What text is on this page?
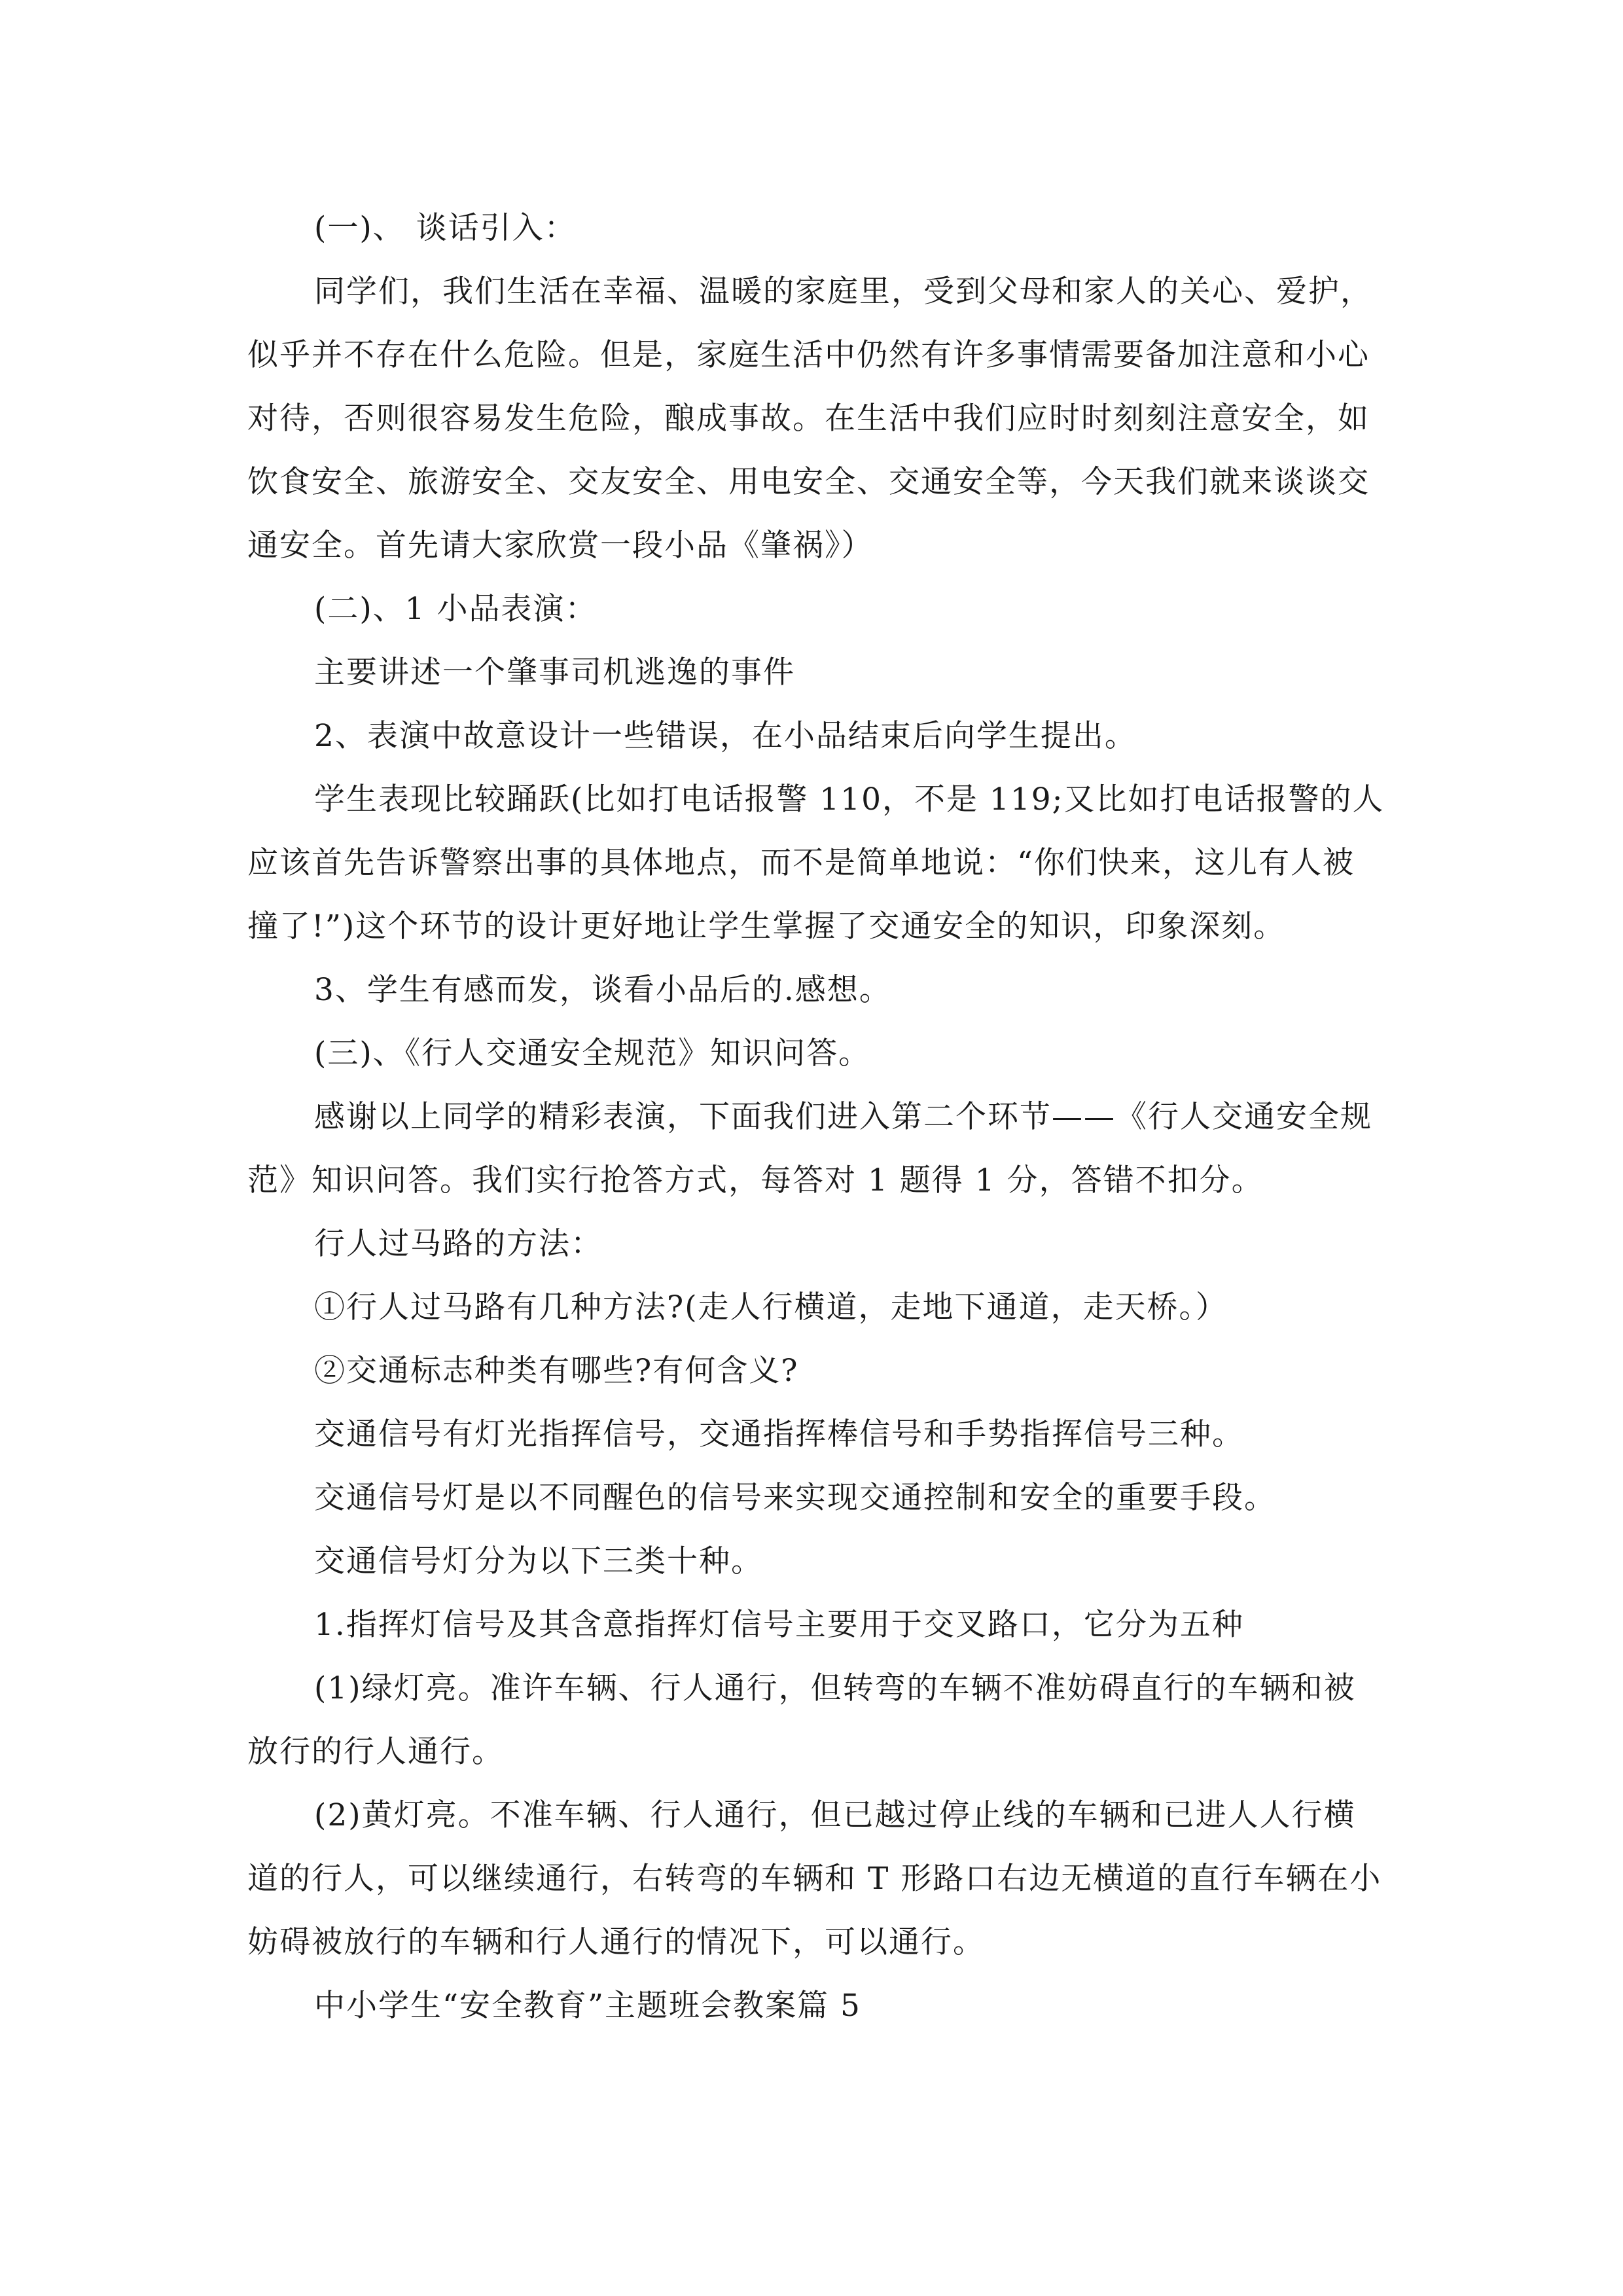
(一)、 谈话引入：

同学们，我们生活在幸福、温暖的家庭里，受到父母和家人的关心、爱护，

似乎并不存在什么危险。但是，家庭生活中仍然有许多事情需要备加注意和小心

对待，否则很容易发生危险，酿成事故。在生活中我们应时时刻刻注意安全，如

饮食安全、旅游安全、交友安全、用电安全、交通安全等，今天我们就来谈谈交

通安全。首先请大家欣赏一段小品《肇祸》）

(二)、1 小品表演：

主要讲述一个肇事司机逃逸的事件

2、表演中故意设计一些错误，在小品结束后向学生提出。

学生表现比较踊跃(比如打电话报警 110，不是 119;又比如打电话报警的人

应该首先告诉警察出事的具体地点，而不是简单地说：“你们快来，这儿有人被

撞了!”)这个环节的设计更好地让学生掌握了交通安全的知识，印象深刻。

3、学生有感而发，谈看小品后的.感想。

(三)、《行人交通安全规范》知识问答。

感谢以上同学的精彩表演，下面我们进入第二个环节——《行人交通安全规

范》知识问答。我们实行抢答方式，每答对 1 题得 1 分，答错不扣分。

行人过马路的方法：

①行人过马路有几种方法?(走人行横道，走地下通道，走天桥。）

②交通标志种类有哪些?有何含义?

交通信号有灯光指挥信号，交通指挥棒信号和手势指挥信号三种。

交通信号灯是以不同醒色的信号来实现交通控制和安全的重要手段。

交通信号灯分为以下三类十种。

1.指挥灯信号及其含意指挥灯信号主要用于交叉路口，它分为五种

(1)绿灯亮。准许车辆、行人通行，但转弯的车辆不准妨碍直行的车辆和被

放行的行人通行。

(2)黄灯亮。不准车辆、行人通行，但已越过停止线的车辆和已进人人行横

道的行人，可以继续通行，右转弯的车辆和 T 形路口右边无横道的直行车辆在小

妨碍被放行的车辆和行人通行的情况下，可以通行。

中小学生“安全教育”主题班会教案篇 5
